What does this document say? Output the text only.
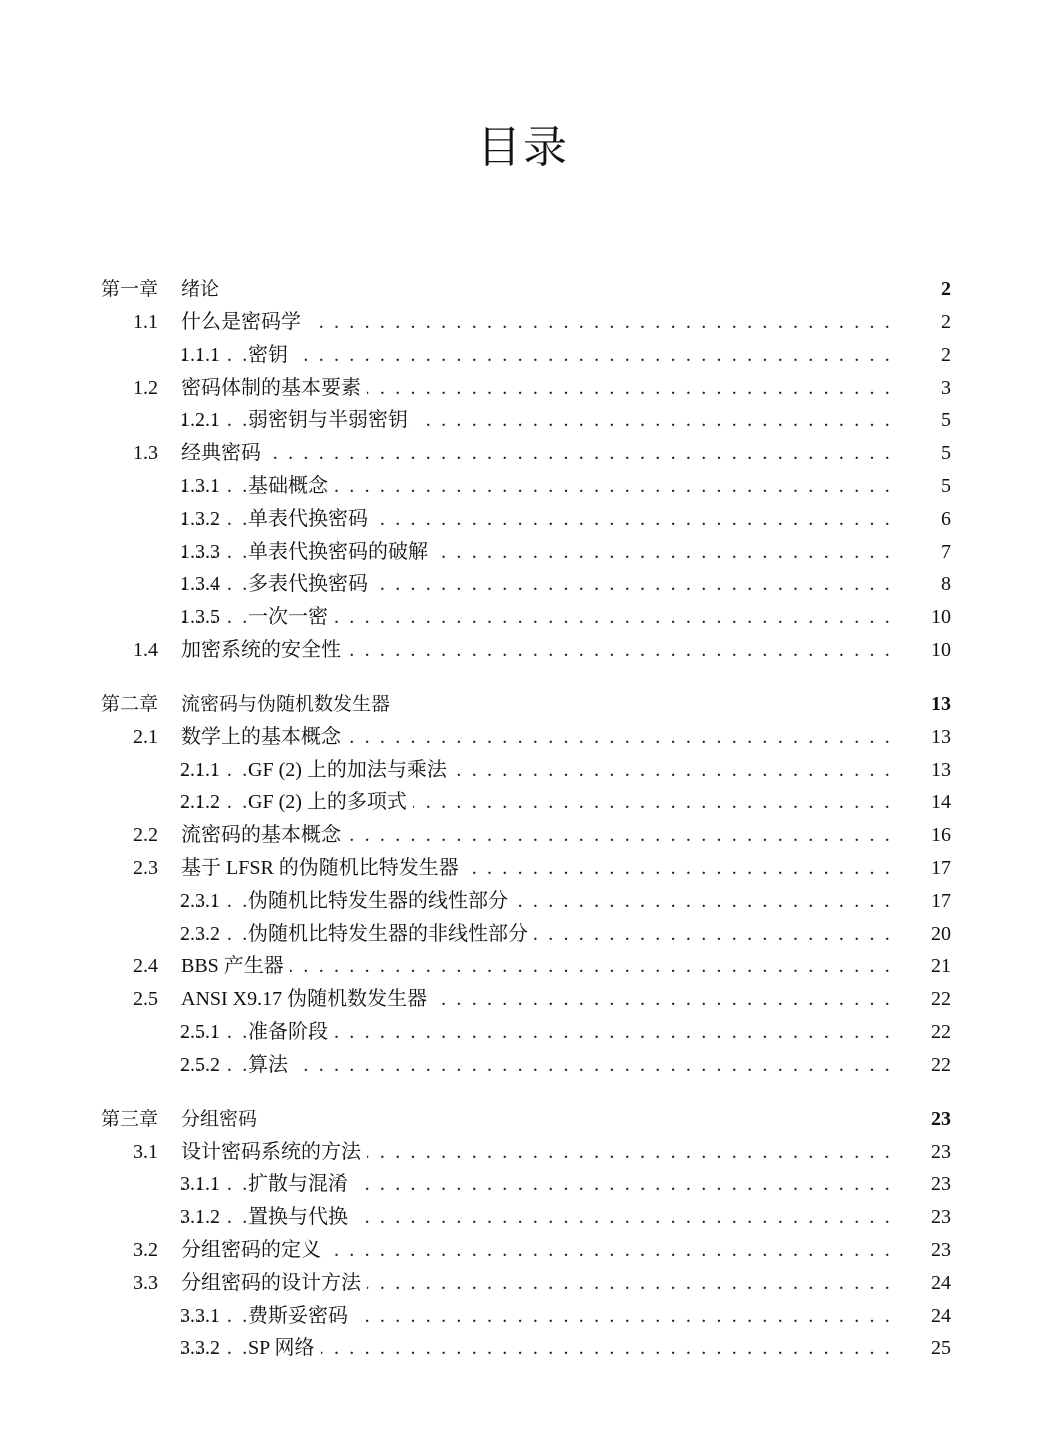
目录
第一章	绪论	2
1.1 什么是密码学 . . .	2
1.1.1	密钥 . . .	2
1.2 密码体制的基本要素 . . .	3
1.2.1	弱密钥与半弱密钥 . . .	5
1.3 经典密码 . . .	5
1.3.1	基础概念 . . .	5
1.3.2	单表代换密码 . . .	6
1.3.3	单表代换密码的破解 . . .	7
1.3.4	多表代换密码 . . .	8
1.3.5	一次一密 . . .	10
1.4 加密系统的安全性 . . .	10
第二章	流密码与伪随机数发生器	13
2.1 数学上的基本概念 . . .	13
2.1.1	GF (2) 上的加法与乘法 . . .	13
2.1.2	GF (2) 上的多项式 . . .	14
2.2 流密码的基本概念 . . .	16
2.3 基于 LFSR 的伪随机比特发生器 . . .	17
2.3.1	伪随机比特发生器的线性部分 . . .	17
2.3.2	伪随机比特发生器的非线性部分 . . .	20
2.4 BBS 产生器 . . .	21
2.5 ANSI X9.17 伪随机数发生器 . . .	22
2.5.1	准备阶段 . . .	22
2.5.2	算法 . . .	22
第三章	分组密码	23
3.1 设计密码系统的方法 . . .	23
3.1.1	扩散与混淆 . . .	23
3.1.2	置换与代换 . . .	23
3.2 分组密码的定义 . . .	23
3.3 分组密码的设计方法 . . .	24
3.3.1	费斯妥密码 . . .	24
3.3.2	SP 网络 . . .	25
